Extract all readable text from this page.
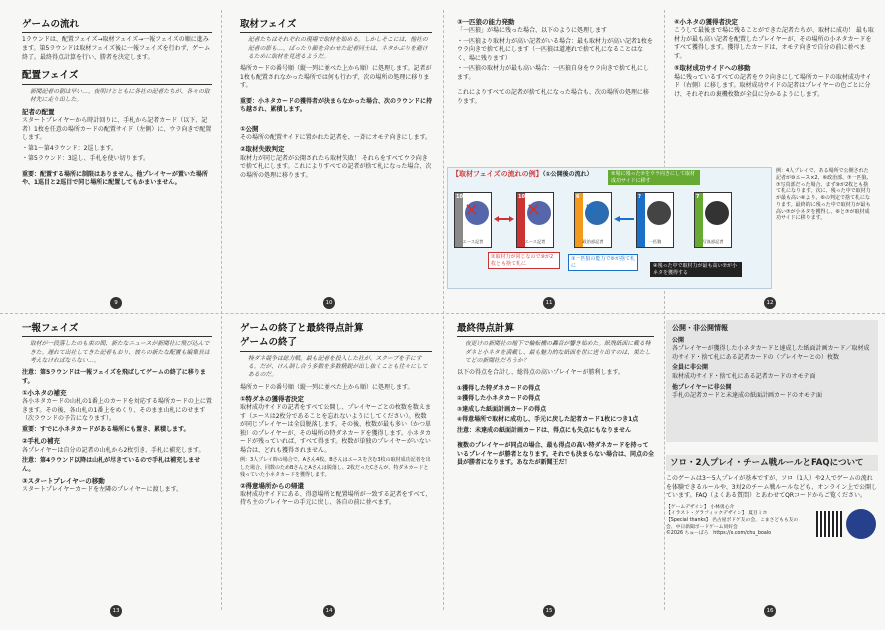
ゲームの流れ
1ラウンドは、配置フェイズ→取材フェイズ→一報フェイズの順に進みます。第5ラウンドは取材フェイズ後に一報フェイズを行わず、ゲーム終了。最終得点計算を行い、勝者を決定します。
配置フェイズ
新聞記者の朝は早い…。夜明けとともに各社の記者たちが、各々の取材先に走り出した。
記者の配置
スタートプレイヤーから時計回りに、手札から記者カード（以下、記者）1枚を任意の場所カードの配置サイド（左側）に、ウラ向きで配置します。
・第1～第4ラウンド：2巡します。
・第5ラウンド：3巡し、手札を使い切ります。
重要：配置する場所に制限はありません。他プレイヤーが置いた場所や、1巡目と2巡目で同じ場所に配置してもかまいません。
9
取材フェイズ
記者たちはそれぞれの現場で取材を始める。しかしそこには、他社の記者の影も…。ばったり顔を合わせた記者同士は、ネタかぶりを避けるために取材を見送るようだ。
場所カードの番号順（縦一列に並べた上から順）に処理します。記者が1枚も配置されなかった場所では何も行わず、次の場所の処理に移ります。
重要：小ネタカードの獲得者が決まらなかった場合、次のラウンドに持ち越され、累積します。
①公開
その場所の配置サイドに置かれた記者を、一斉にオモテ向きにします。
②取材失敗判定
取材力が同じ記者が公開されたら取材失敗！ それらをすべてウラ向きで捨て札にします。これによりすべての記者が捨て札になった場合、次の場所の処理に移ります。
10
③一匹狼の能力発動
「一匹狼」が場に残った場合、以下のように処理します
・一匹狼より取材力が高い記者がいる場合：最も取材力が高い記者1枚をウラ向きで捨て札にします（一匹狼は道連れで捨て札になることはなく、場に残ります）
・一匹狼の取材力が最も高い場合：一匹狼自身をウラ向きで捨て札にします。
これによりすべての記者が捨て札になった場合も、次の場所の処理に移ります。
11
④小ネタの獲得者決定
こうして最後まで場に残ることができた記者たちが、取材に成功！ 最も取材力が最も高い記者を配置したプレイヤーが、その場所の小ネタカードをすべて獲得します。獲得したカードは、オモテ向きで自分の前に並べます。
⑤取材成功サイドへの移動
場に残っているすべての記者をウラ向きにして場所カードの取材成功サイド（右側）に移します。取材成功サイドの記者はプレイヤーの色ごとに分け、それぞれの裏機枚数が全員に分かるようにします。
12
【取材フェイズの流れの例】（①公開後の流れ）
10
エース記者
✕
10
エース記者
✕
②取材力が同じなので⑩が2枚とも捨て札に
6
政治部記者
✕
?
一匹狼
7
写真部記者
⑤場に残った⑦をウラ向きにして取材成功サイドに移す
③一匹狼の能力で⑥が捨て札に	④残った中で取材力が最も高い⑦が小ネタを獲得する
例：4人プレイで、ある場所で公開された記者が⑩エース×2、⑥政治部、⑦一匹狼、⑦写真部だった場合、まず⑩が2枚とも捨て札になります。次に、残った中で取材力が最も高い⑥より、⑥の判定で捨て札になります。最終的に残った中で取材力が最も高い⑦が小ネタを獲得し、⑥と⑦が取材成功サイドに移ります。
一報フェイズ
取材が一段落したのも束の間、新たなニュースが新聞社に飛び込んできた。遅れて出社してきた記者もおり、彼らの新たな配置も編集長は考えなければならない…。
注意：第5ラウンドは一報フェイズを飛ばしてゲームの終了に移ります。
①小ネタの補充
各小ネタカードの山札の1番上のカードを対応する場所カードの上に置きます。その後、各山札の1番上をめくり、そのまま山札にのせます（次ラウンドの予告になります）。
重要：すでに小ネタカードがある場所にも置き、累積します。
②手札の補充
各プレイヤーは自分の記者の山札から2枚引き、手札に補充します。
注意：第4ラウンド以降は山札が尽きているので手札は補充しません。
③スタートプレイヤーの移動
スタートプレイヤーカードを左隣のプレイヤーに渡します。
13
ゲームの終了と最終得点計算
ゲームの終了
特ダネ競争は総力戦。最も記者を投入した社が、スクープを手にする。だが、けん制し合う多数を多数精鋭が出し抜くことも往々にしてあるのだ。
場所カードの番号順（縦一列に並べた上から順）に処理します。
①特ダネの獲得者決定
取材成功サイドの記者をすべて公開し、プレイヤーごとの枚数を数えます（エースは2枚分であることを忘れないようにしてください）。枚数が同じプレイヤーは全員脱落します。その後、枚数が最も多い（かつ単独）のプレイヤーが、その場所の特ダネカードを獲得します。小ネタカードが残っていれば、すべて得ます。枚数が単独のプレイヤーがいない場合は、どれも獲得されません。
例：3人プレイ時の場合で、Aさん4枚、Bさんはエースを含む3枚の取材成功記者を出した場合、同数のためBさんとAさんは脱落し、2枚だったCさんが、特ダネカードと残っていた小ネタカードを獲得します。
②得意場所からの帰還
取材成功サイドにある、得意場所と配置場所が一致する記者をすべて、持ち主のプレイヤーの手元に戻し、各自の前に並べます。
14
最終得点計算
夜更けの新聞社の地下で輪転機の轟音が響き始めた。紙飛紙面に載る特ダネと小ネタを満載し、最も魅力的な紙面を世に送り出すのは、果たしてどの新聞社だろうか？
以下の得点を合計し、総得点の高いプレイヤーが勝利します。
①獲得した特ダネカードの得点
②獲得した小ネタカードの得点
③達成した紙面計画カードの得点
④得意場所で取材に成功し、手元に戻した記者カード1枚につき1点
注意：未達成の紙面計画カードは、得点にも失点にもなりません
複数のプレイヤーが同点の場合、最も得点の高い特ダネカードを持っているプレイヤーが勝者となります。それでも決まらない場合は、同点の全員が勝者になります。あなたが新聞王だ！
15
公開・非公開情報
公開
各プレイヤーが獲得した小ネタカードと達成した紙面計画カード／取材成功サイド・捨て札にある記者カードの（プレイヤーとの）枚数
全員に非公開
取材成功サイド・捨て札にある記者カードのオモテ面
他プレイヤーに非公開
手札の記者カードと未達成の紙面計画カードのオモテ面
ソロ・2人プレイ・チーム戦ルールとFAQについて
このゲームは3～5人プレイが基本ですが、ソロ（1人）や2人でゲームの流れを体験できるルールや、3対2のチーム戦ルールなども、オンライン上で公開しています。FAQ（よくある質問）とあわせてQRコードからご覧ください。
【ゲームデザイン】 小林勇心介
【イラスト・グラフィックデザイン】 夏目ミホ
【Special thanks】 名古屋ボドゲ友の会、こまさどもも友の会、中日新聞ボードゲーム同好会
©2026 ちゅーぼろ　https://x.com/chu_boalo
16
